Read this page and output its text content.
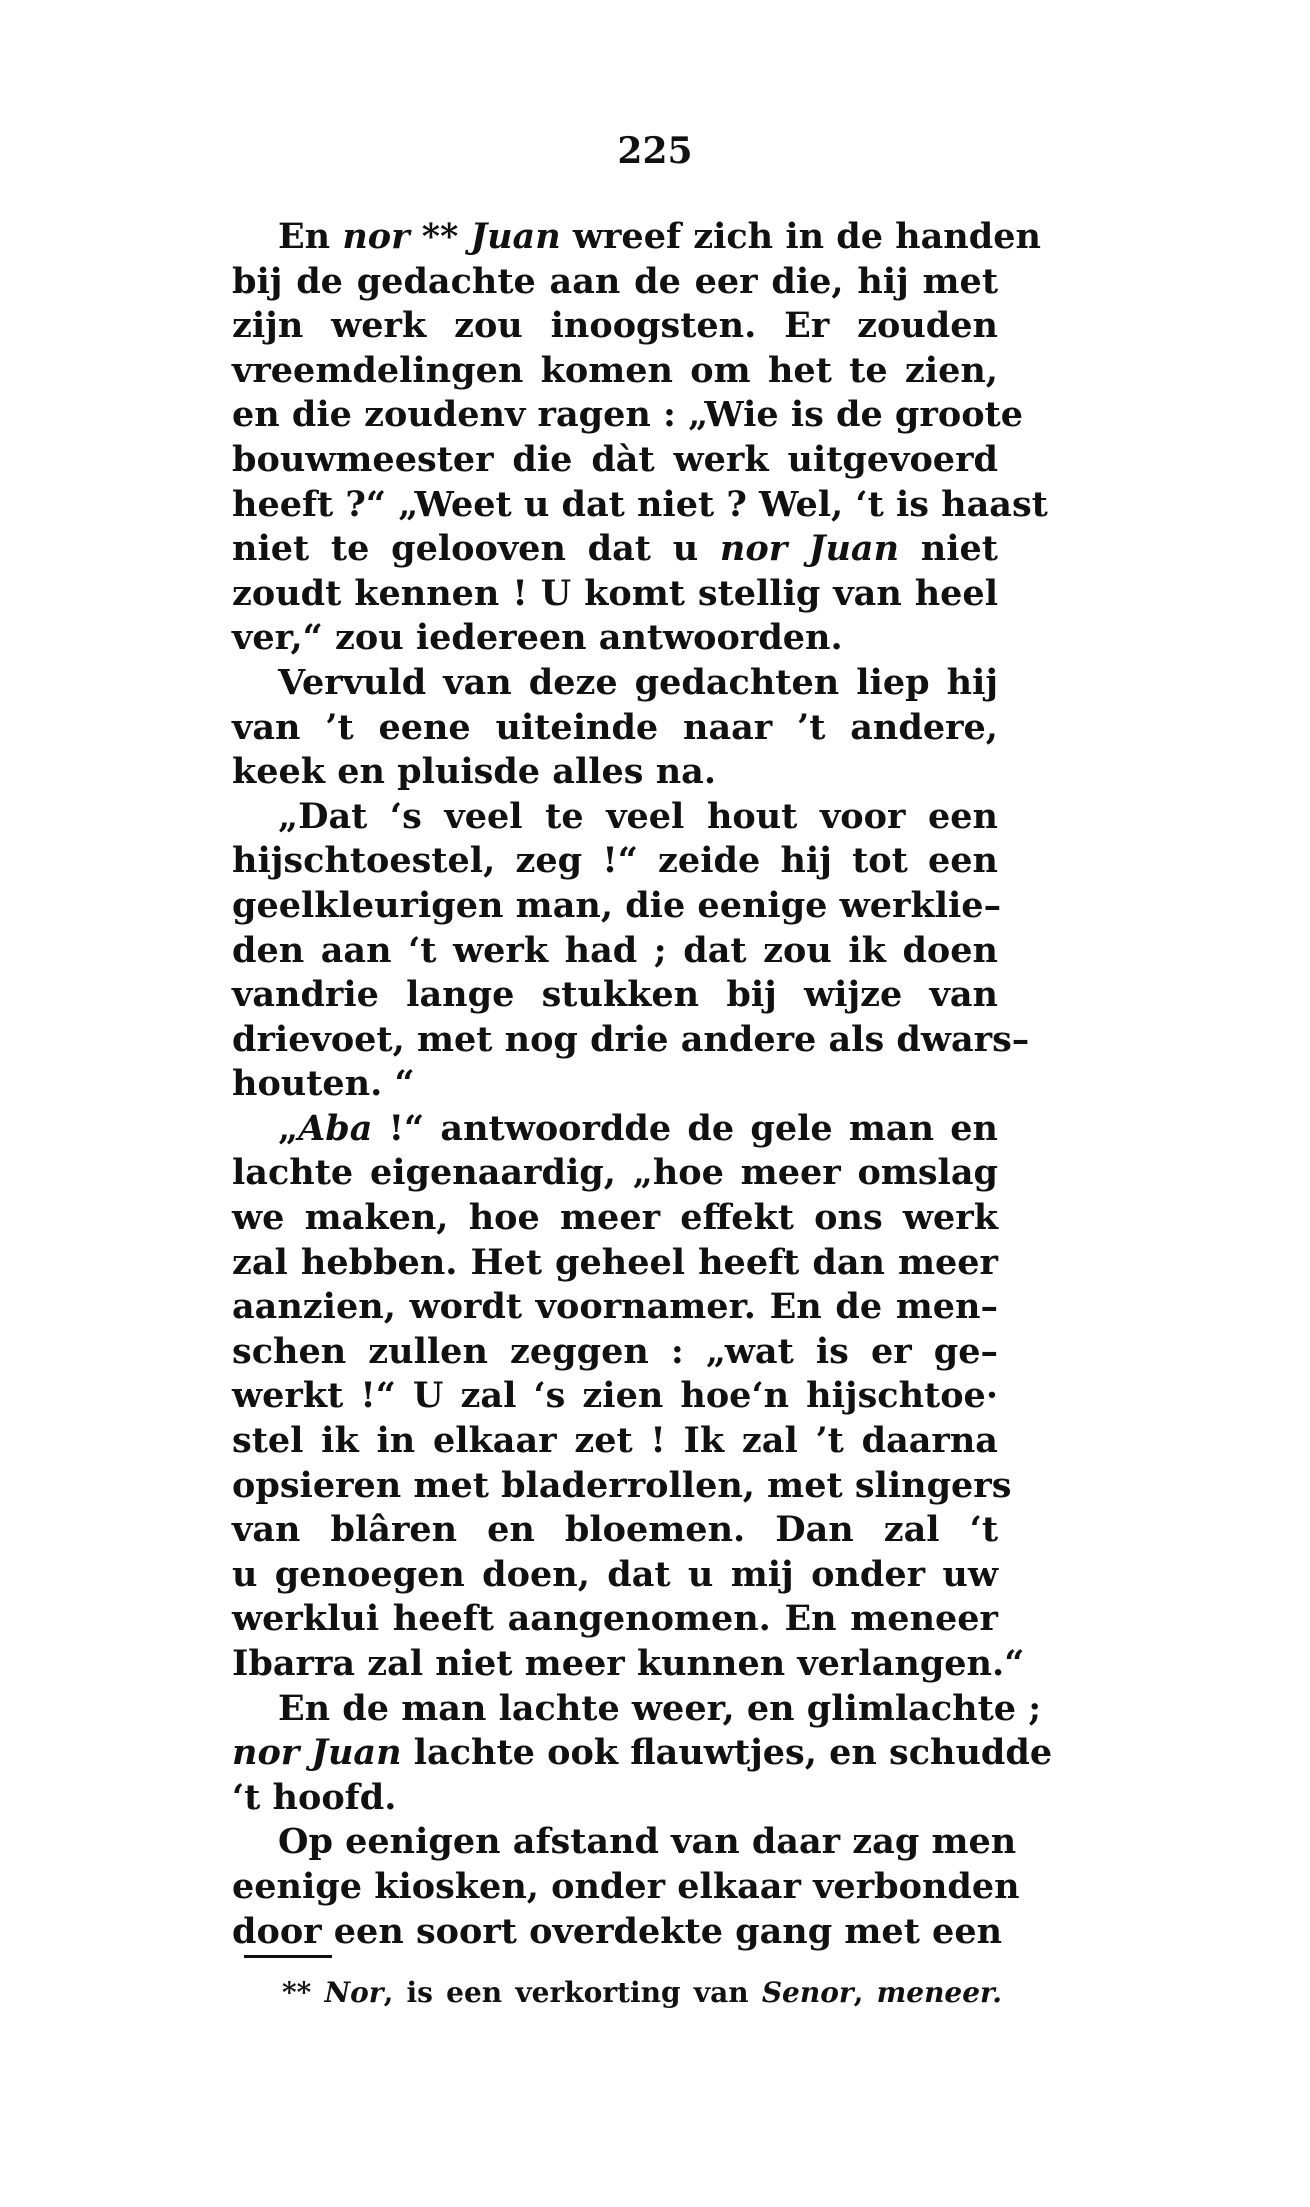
225
En nor ** Juan wreef zich in de handen
bij de gedachte aan de eer die, hij met
zijn werk zou inoogsten. Er zouden
vreemdelingen komen om het te zien,
en die zoudenv ragen : „Wie is de groote
bouwmeester die dàt werk uitgevoerd
heeft ?“ „Weet u dat niet ? Wel, ‘t is haast
niet te gelooven dat u nor Juan niet
zoudt kennen ! U komt stellig van heel
ver,“ zou iedereen antwoorden.
Vervuld van deze gedachten liep hij
van ’t eene uiteinde naar ’t andere,
keek en pluisde alles na.
„Dat ‘s veel te veel hout voor een
hijschtoestel, zeg !“ zeide hij tot een
geelkleurigen man, die eenige werklie–
den aan ‘t werk had ; dat zou ik doen
vandrie lange stukken bij wijze van
drievoet, met nog drie andere als dwars–
houten. “
„Aba !“ antwoordde de gele man en
lachte eigenaardig, „hoe meer omslag
we maken, hoe meer effekt ons werk
zal hebben. Het geheel heeft dan meer
aanzien, wordt voornamer. En de men–
schen zullen zeggen : „wat is er ge–
werkt !“ U zal ‘s zien hoe‘n hijschtoe·
stel ik in elkaar zet ! Ik zal ’t daarna
opsieren met bladerrollen, met slingers
van blâren en bloemen. Dan zal ‘t
u genoegen doen, dat u mij onder uw
werklui heeft aangenomen. En meneer
Ibarra zal niet meer kunnen verlangen.“
En de man lachte weer, en glimlachte ;
nor Juan lachte ook flauwtjes, en schudde
‘t hoofd.
Op eenigen afstand van daar zag men
eenige kiosken, onder elkaar verbonden
door een soort overdekte gang met een
** Nor, is een verkorting van Senor, meneer.
